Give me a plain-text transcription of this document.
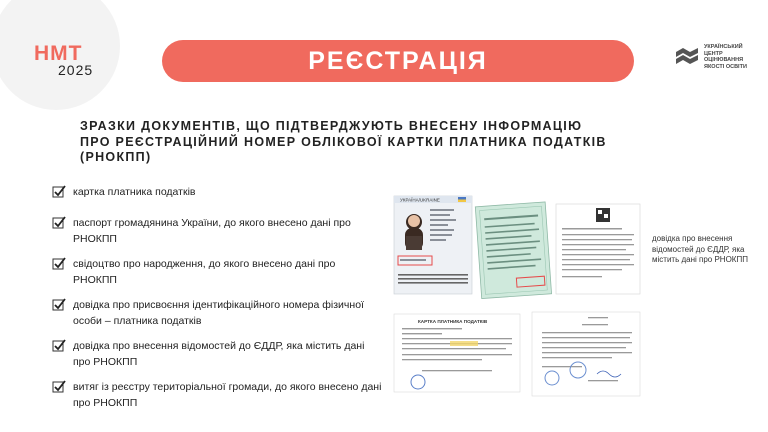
НМТ
2025	РЕЄСТРАЦІЯ	УКРАЇНСЬКИЙ
ЦЕНТР
ОЦІНЮВАННЯ
ЯКОСТІ ОСВІТИ
ЗРАЗКИ ДОКУМЕНТІВ, ЩО ПІДТВЕРДЖУЮТЬ ВНЕСЕНУ ІНФОРМАЦІЮ
ПРО РЕЄСТРАЦІЙНИЙ НОМЕР ОБЛІКОВОЇ КАРТКИ ПЛАТНИКА ПОДАТКІВ
(РНОКПП)
картка платника податків
паспорт громадянина України, до якого внесено дані про РНОКПП
свідоцтво про народження, до якого внесено дані про РНОКПП
довідка про присвоєння ідентифікаційного номера фізичної особи – платника податків
довідка про внесення відомостей до ЄДДР, яка містить дані про РНОКПП
витяг із реєстру територіальної громади, до якого внесено дані про РНОКПП
УКРАЇНА/UKRAINE
КАРТКА ПЛАТНИКА ПОДАТКІВ
довідка про внесення відомостей до ЄДДР, яка містить дані про РНОКПП
